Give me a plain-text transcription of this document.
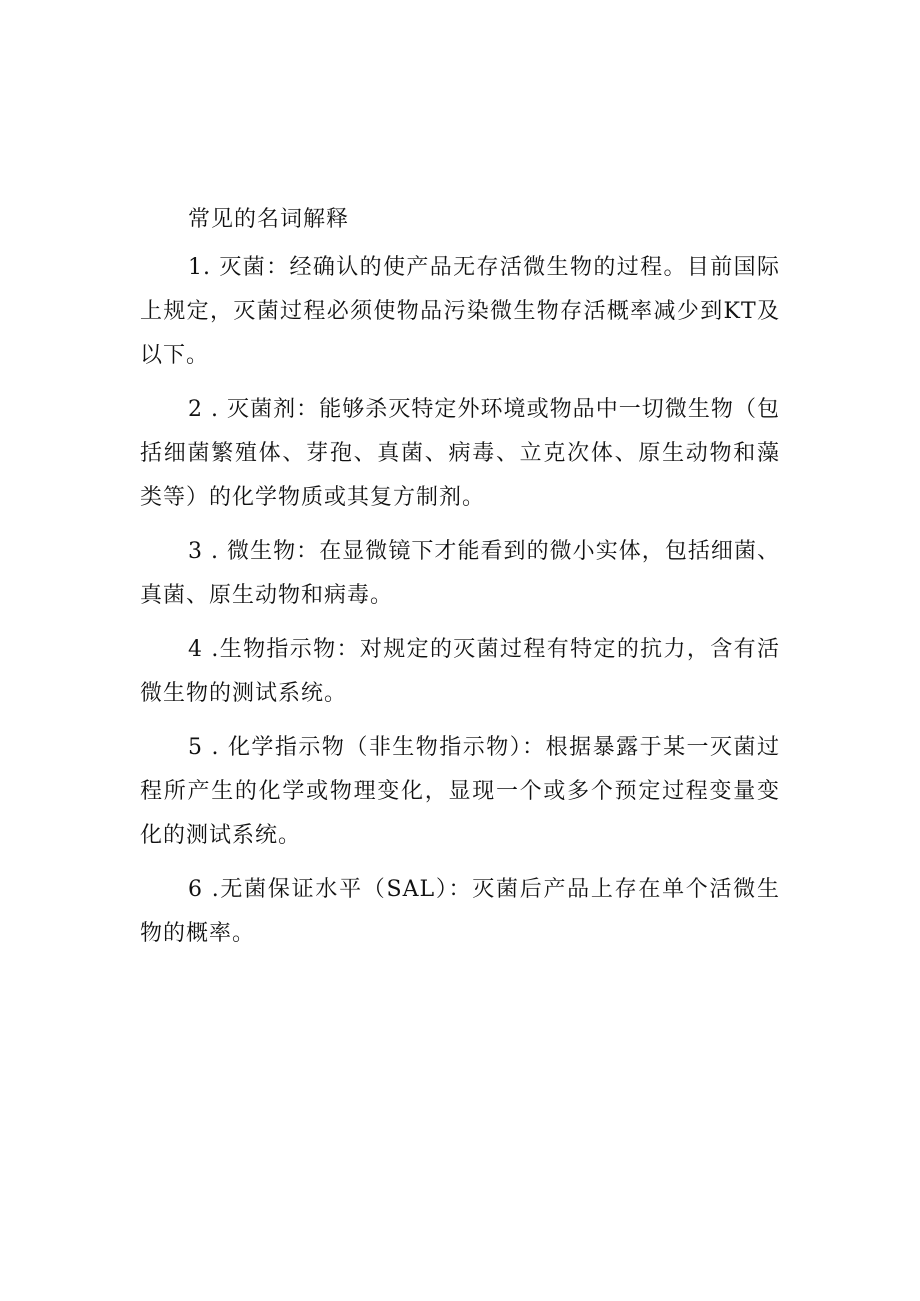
常见的名词解释

1. 灭菌：经确认的使产品无存活微生物的过程。目前国际上规定，灭菌过程必须使物品污染微生物存活概率减少到KT及以下。

2 . 灭菌剂：能够杀灭特定外环境或物品中一切微生物（包括细菌繁殖体、芽孢、真菌、病毒、立克次体、原生动物和藻类等）的化学物质或其复方制剂。

3 . 微生物：在显微镜下才能看到的微小实体，包括细菌、真菌、原生动物和病毒。

4 .生物指示物：对规定的灭菌过程有特定的抗力，含有活微生物的测试系统。

5 . 化学指示物（非生物指示物）：根据暴露于某一灭菌过程所产生的化学或物理变化，显现一个或多个预定过程变量变化的测试系统。

6 .无菌保证水平（SAL）：灭菌后产品上存在单个活微生物的概率。
